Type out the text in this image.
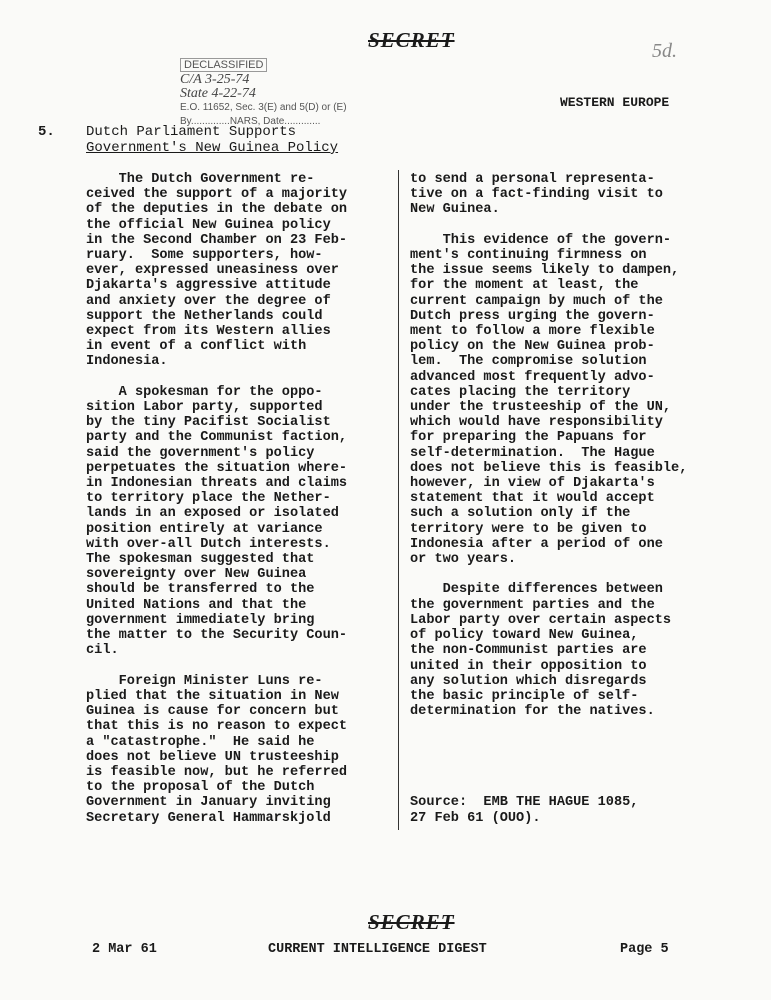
SECRET	5d.
DECLASSIFIED
C/A 3-25-74
State 4-22-74
E.O. 11652, Sec. 3(E) and 5(D) or (E)
By..............NARS, Date.............
WESTERN EUROPE
5. Dutch Parliament Supports
Government's New Guinea Policy
The Dutch Government re-
ceived the support of a majority
of the deputies in the debate on
the official New Guinea policy
in the Second Chamber on 23 Feb-
ruary.  Some supporters, how-
ever, expressed uneasiness over
Djakarta's aggressive attitude
and anxiety over the degree of
support the Netherlands could
expect from its Western allies
in event of a conflict with
Indonesia.

A spokesman for the oppo-
sition Labor party, supported
by the tiny Pacifist Socialist
party and the Communist faction,
said the government's policy
perpetuates the situation where-
in Indonesian threats and claims
to territory place the Nether-
lands in an exposed or isolated
position entirely at variance
with over-all Dutch interests.
The spokesman suggested that
sovereignty over New Guinea
should be transferred to the
United Nations and that the
government immediately bring
the matter to the Security Coun-
cil.

Foreign Minister Luns re-
plied that the situation in New
Guinea is cause for concern but
that this is no reason to expect
a "catastrophe."  He said he
does not believe UN trusteeship
is feasible now, but he referred
to the proposal of the Dutch
Government in January inviting
Secretary General Hammarskjold
to send a personal representa-
tive on a fact-finding visit to
New Guinea.

This evidence of the govern-
ment's continuing firmness on
the issue seems likely to dampen,
for the moment at least, the
current campaign by much of the
Dutch press urging the govern-
ment to follow a more flexible
policy on the New Guinea prob-
lem.  The compromise solution
advanced most frequently advo-
cates placing the territory
under the trusteeship of the UN,
which would have responsibility
for preparing the Papuans for
self-determination.  The Hague
does not believe this is feasible,
however, in view of Djakarta's
statement that it would accept
such a solution only if the
territory were to be given to
Indonesia after a period of one
or two years.

Despite differences between
the government parties and the
Labor party over certain aspects
of policy toward New Guinea,
the non-Communist parties are
united in their opposition to
any solution which disregards
the basic principle of self-
determination for the natives.

Source:  EMB THE HAGUE 1085,
27 Feb 61 (OUO).
SECRET
2 Mar 61	CURRENT INTELLIGENCE DIGEST	Page 5
